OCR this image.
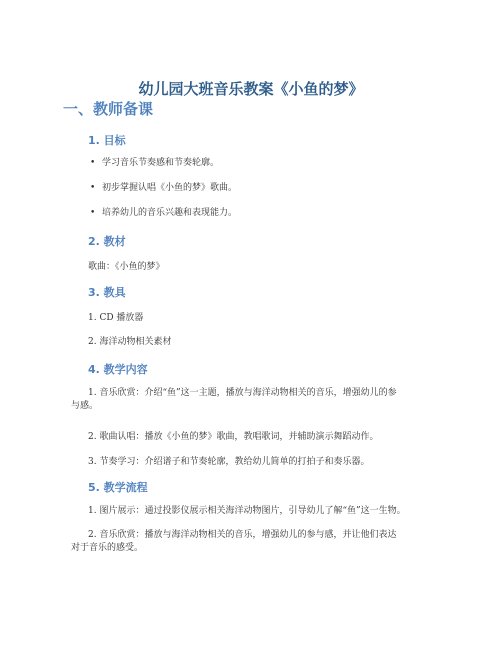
幼儿园大班音乐教案《小鱼的梦》
一、教师备课
1. 目标
• 学习音乐节奏感和节奏轮廓。
• 初步掌握认唱《小鱼的梦》歌曲。
• 培养幼儿的音乐兴趣和表现能力。
2. 教材
歌曲：《小鱼的梦》
3. 教具
1. CD 播放器
2. 海洋动物相关素材
4. 教学内容
1. 音乐欣赏：介绍“鱼”这一主题，播放与海洋动物相关的音乐，增强幼儿的参
与感。
2. 歌曲认唱：播放《小鱼的梦》歌曲，教唱歌词，并辅助演示舞蹈动作。
3. 节奏学习：介绍谱子和节奏轮廓，教给幼儿简单的打拍子和奏乐器。
5. 教学流程
1. 图片展示：通过投影仪展示相关海洋动物图片，引导幼儿了解“鱼”这一生物。
2. 音乐欣赏：播放与海洋动物相关的音乐，增强幼儿的参与感，并让他们表达
对于音乐的感受。
